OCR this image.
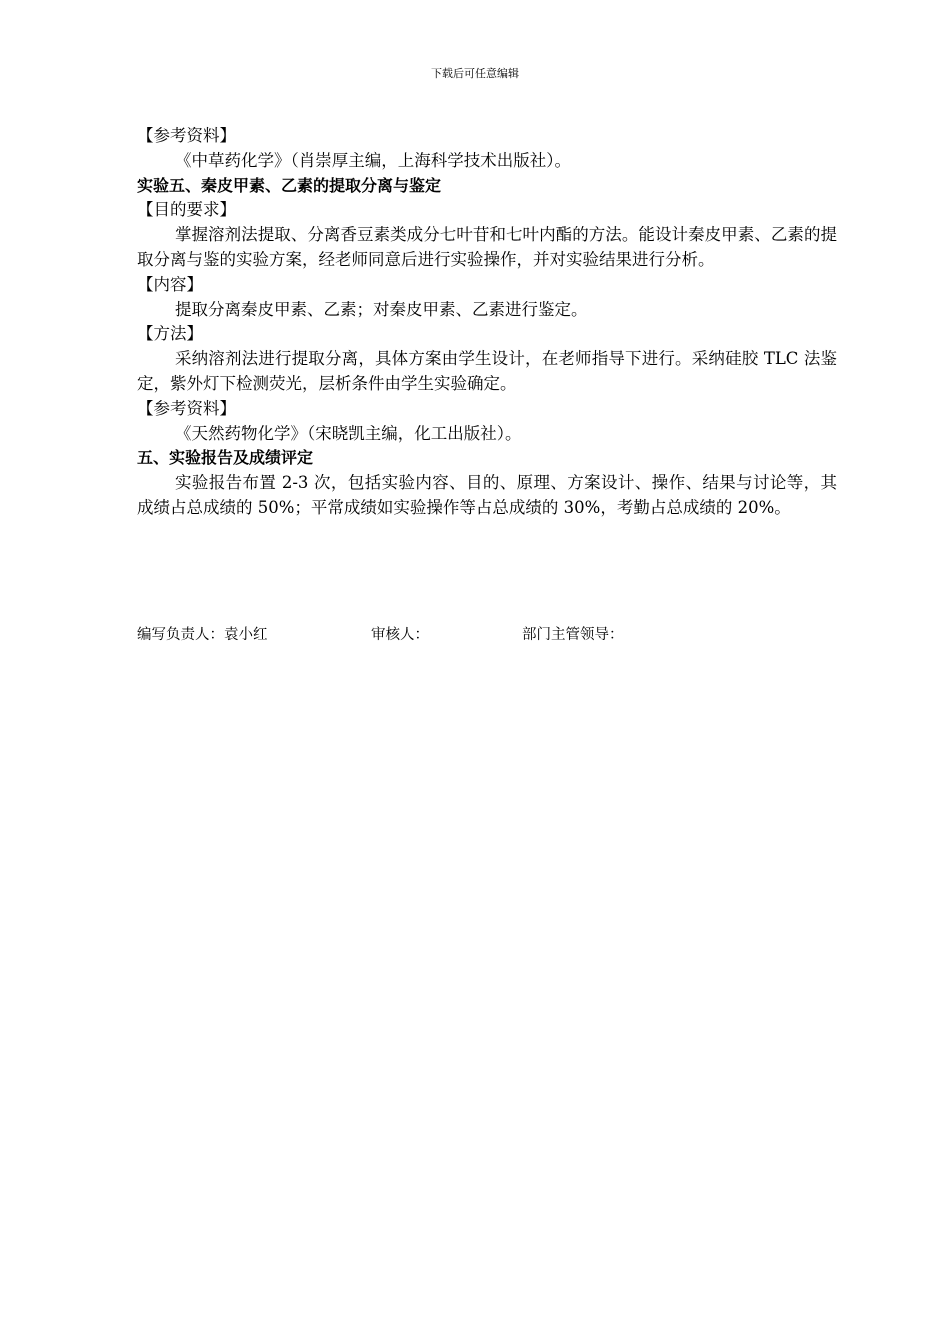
下载后可任意编辑
【参考资料】
《中草药化学》（肖崇厚主编，上海科学技术出版社）。
实验五、秦皮甲素、乙素的提取分离与鉴定
【目的要求】

掌握溶剂法提取、分离香豆素类成分七叶苷和七叶内酯的方法。能设计秦皮甲素、乙素的提取分离与鉴的实验方案，经老师同意后进行实验操作，并对实验结果进行分析。

【内容】
提取分离秦皮甲素、乙素；对秦皮甲素、乙素进行鉴定。
【方法】

采纳溶剂法进行提取分离，具体方案由学生设计，在老师指导下进行。采纳硅胶 TLC 法鉴定，紫外灯下检测荧光，层析条件由学生实验确定。

【参考资料】
《天然药物化学》（宋晓凯主编，化工出版社）。
五、实验报告及成绩评定

实验报告布置 2-3 次，包括实验内容、目的、原理、方案设计、操作、结果与讨论等，其成绩占总成绩的 50%；平常成绩如实验操作等占总成绩的 30%，考勤占总成绩的 20%。

编写负责人：袁小红	审核人：	部门主管领导：
